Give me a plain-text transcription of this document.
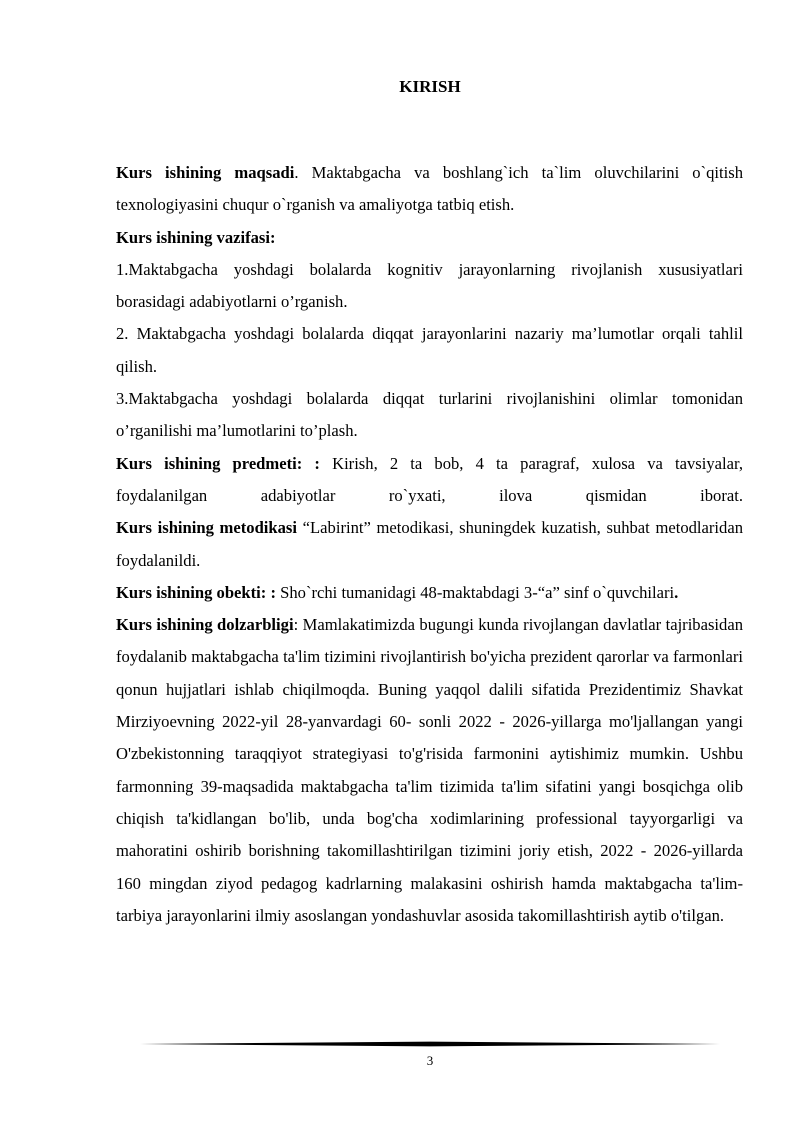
KIRISH

Kurs ishining maqsadi. Maktabgacha va boshlang`ich ta`lim oluvchilarini o`qitish texnologiyasini chuqur o`rganish va amaliyotga tatbiq etish.

Kurs ishining vazifasi:

1.Maktabgacha yoshdagi bolalarda kognitiv jarayonlarning rivojlanish xususiyatlari borasidagi adabiyotlarni o’rganish.

2. Maktabgacha yoshdagi bolalarda diqqat jarayonlarini nazariy ma’lumotlar orqali tahlil qilish.

3.Maktabgacha yoshdagi bolalarda diqqat turlarini rivojlanishini olimlar tomonidan o’rganilishi ma’lumotlarini to’plash.

Kurs ishining predmeti: : Kirish, 2 ta bob, 4 ta paragraf, xulosa va tavsiyalar,

foydalanilgan adabiyotlar ro`yxati, ilova qismidan iborat.

Kurs ishining metodikasi “Labirint” metodikasi, shuningdek kuzatish, suhbat metodlaridan foydalanildi.

Kurs ishining obekti: : Sho`rchi tumanidagi 48-maktabdagi 3-“a” sinf o`quvchilari.

Kurs ishining dolzarbligi: Mamlakatimizda bugungi kunda rivojlangan davlatlar tajribasidan foydalanib maktabgacha ta'lim tizimini rivojlantirish bo'yicha prezident qarorlar va farmonlari qonun hujjatlari ishlab chiqilmoqda. Buning yaqqol dalili sifatida Prezidentimiz Shavkat Mirziyoevning 2022-yil 28-yanvardagi 60- sonli 2022 - 2026-yillarga mo'ljallangan yangi O'zbekistonning taraqqiyot strategiyasi to'g'risida farmonini aytishimiz mumkin. Ushbu farmonning 39-maqsadida maktabgacha ta'lim tizimida ta'lim sifatini yangi bosqichga olib chiqish ta'kidlangan bo'lib, unda bog'cha xodimlarining professional tayyorgarligi va mahoratini oshirib borishning takomillashtirilgan tizimini joriy etish, 2022 - 2026-yillarda 160 mingdan ziyod pedagog kadrlarning malakasini oshirish hamda maktabgacha ta'lim-tarbiya jarayonlarini ilmiy asoslangan yondashuvlar asosida takomillashtirish aytib o'tilgan.

3
